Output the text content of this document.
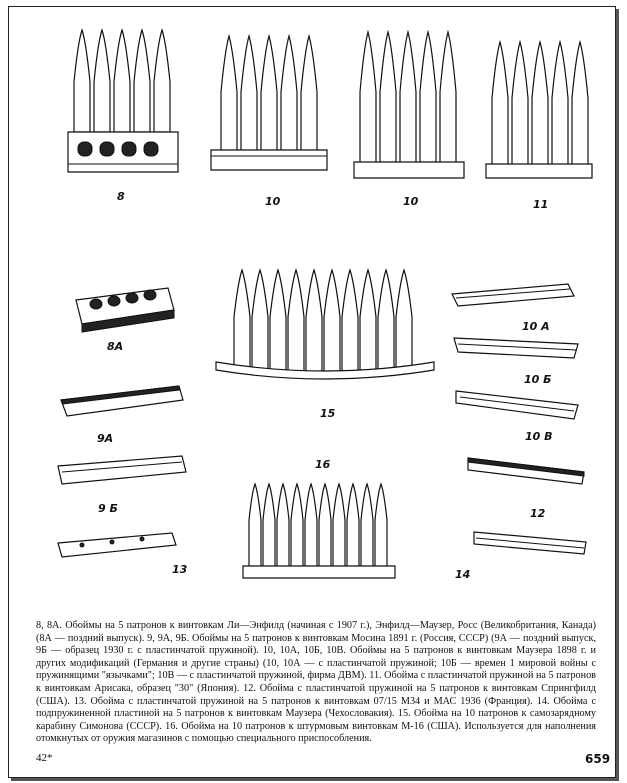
8	10	10	11
8A
15
10 A
10 Б
10 В
9A
16
9 Б	12
13	14
8, 8А. Обоймы на 5 патронов к винтовкам Ли—Энфилд (начиная с 1907 г.), Энфилд—Маузер, Росс (Великобритания, Канада) (8А — поздний выпуск). 9, 9А, 9Б. Обоймы на 5 патронов к винтовкам Мосина 1891 г. (Россия, СССР) (9А — поздний выпуск, 9Б — образец 1930 г. с пластинчатой пружиной). 10, 10А, 10Б, 10В. Обоймы на 5 патронов к винтовкам Маузера 1898 г. и других модификаций (Германия и другие страны) (10, 10А — с пластинчатой пружиной; 10Б — времен 1 мировой войны с пружинящими "язычками"; 10В — с пластинчатой пружиной, фирма ДВМ). 11. Обойма с пластинчатой пружиной на 5 патронов к винтовкам Арисака, образец "30" (Япония). 12. Обойма с пластинчатой пружиной на 5 патронов к винтовкам Спрингфилд (США). 13. Обойма с пластинчатой пружиной на 5 патронов к винтовкам 07/15 М34 и МАС 1936 (Франция). 14. Обойма с подпружиненной пластиной на 5 патронов к винтовкам Маузера (Чехословакия). 15. Обойма на 10 патронов к самозарядному карабину Симонова (СССР). 16. Обойма на 10 патронов к штурмовым винтовкам М-16 (США). Используется для наполнения отомкнутых от оружия магазинов с помощью специального приспособления.
42*	659
